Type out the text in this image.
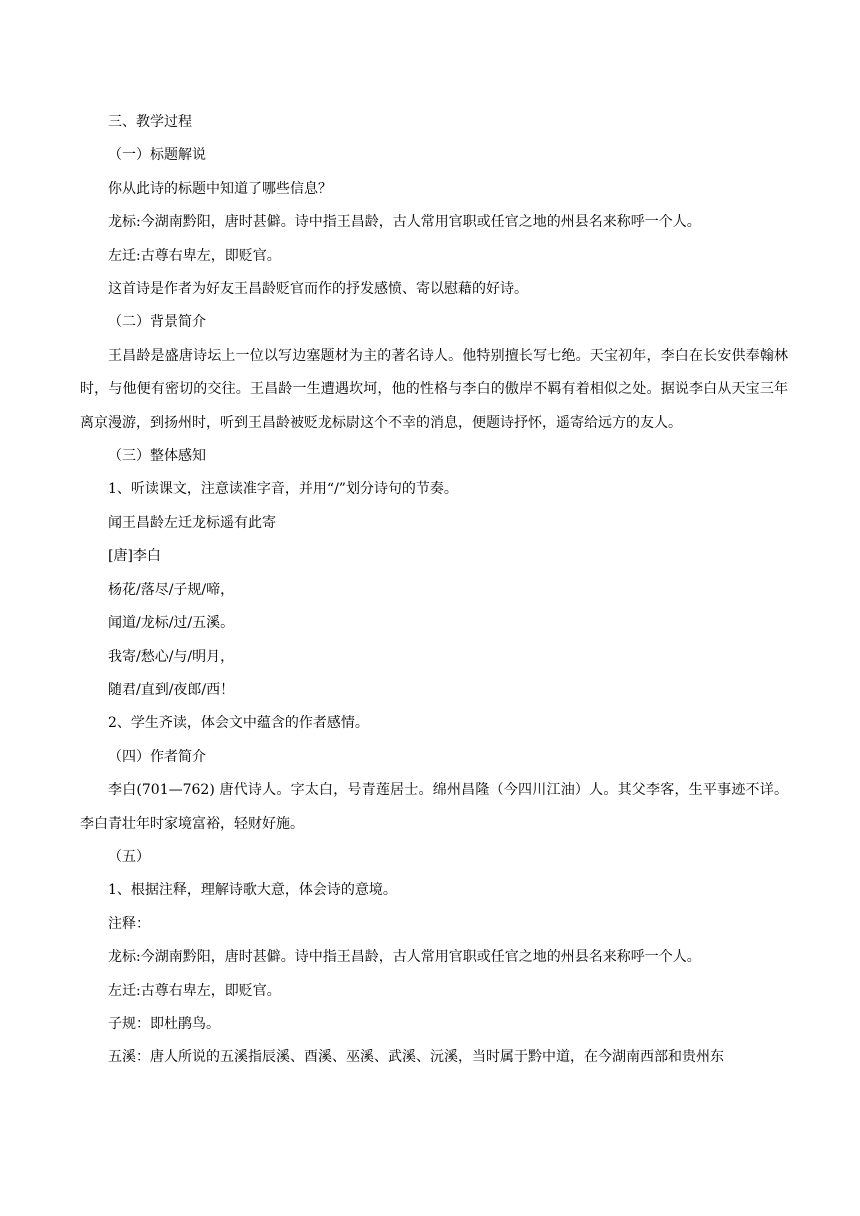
三、教学过程

（一）标题解说

你从此诗的标题中知道了哪些信息？

龙标:今湖南黔阳，唐时甚僻。诗中指王昌龄，古人常用官职或任官之地的州县名来称呼一个人。

左迁:古尊右卑左，即贬官。

这首诗是作者为好友王昌龄贬官而作的抒发感愤、寄以慰藉的好诗。

（二）背景简介

王昌龄是盛唐诗坛上一位以写边塞题材为主的著名诗人。他特别擅长写七绝。天宝初年，李白在长安供奉翰林时，与他便有密切的交往。王昌龄一生遭遇坎坷，他的性格与李白的傲岸不羁有着相似之处。据说李白从天宝三年离京漫游，到扬州时，听到王昌龄被贬龙标尉这个不幸的消息，便题诗抒怀，遥寄给远方的友人。

（三）整体感知

1、听读课文，注意读准字音，并用“/”划分诗句的节奏。

闻王昌龄左迁龙标遥有此寄

[唐]李白

杨花/落尽/子规/啼，

闻道/龙标/过/五溪。

我寄/愁心/与/明月，

随君/直到/夜郎/西！

2、学生齐读，体会文中蕴含的作者感情。

（四）作者简介

李白(701—762) 唐代诗人。字太白，号青莲居士。绵州昌隆（今四川江油）人。其父李客，生平事迹不详。李白青壮年时家境富裕，轻财好施。

（五）

1、根据注释，理解诗歌大意，体会诗的意境。

注释：

龙标:今湖南黔阳，唐时甚僻。诗中指王昌龄，古人常用官职或任官之地的州县名来称呼一个人。

左迁:古尊右卑左，即贬官。

子规：即杜鹃鸟。

五溪：唐人所说的五溪指辰溪、酉溪、巫溪、武溪、沅溪，当时属于黔中道，在今湖南西部和贵州东
